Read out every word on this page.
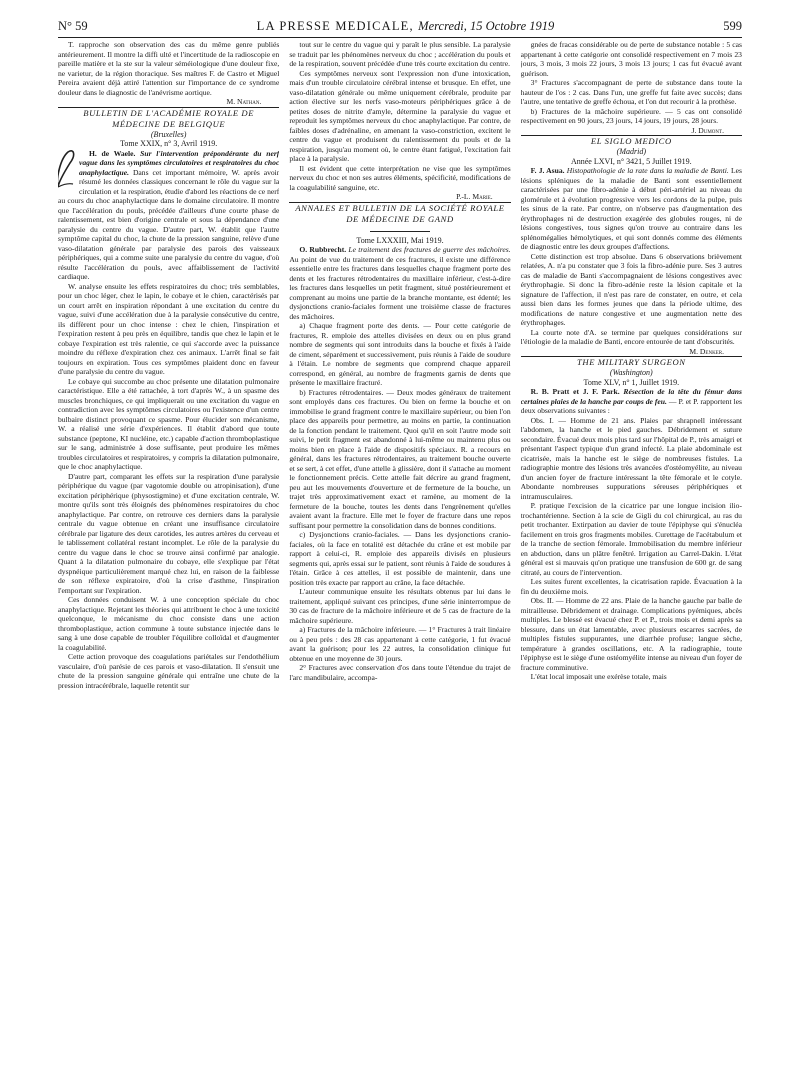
N° 59	LA PRESSE MEDICALE, Mercredi, 15 Octobre 1919	599
T. rapproche son observation des cas du même genre publiés antérieurement. Il montre la diffi ulté et l'incertitude de la radioscopie en pareille matière et la ste sur la valeur séméiologique d'une douleur fixe, ne varietur, de la région thoracique. Ses maîtres F. de Castro et Miguel Pereira avaient déjà attiré l'attention sur l'importance de ce syndrome douleur dans le diagnostic de l'anévrisme aortique.
M. Nathan.
BULLETIN DE L'ACADÉMIE ROYALE DE MÉDECINE DE BELGIQUE
(Bruxelles)
Tome XXIX, n° 3, Avril 1919.
H. de Waele. Sur l'intervention prépondérante du nerf vague dans les symptômes circulatoires et respiratoires du choc anaphylactique. Dans cet important mémoire, W. après avoir résumé les données classiques concernant le rôle du vague sur la circulation et la respiration, étudie d'abord les réactions de ce nerf au cours du choc anaphylactique dans le domaine circulatoire. Il montre que l'accélération du pouls, précédée d'ailleurs d'une courte phase de ralentissement, est bien d'origine centrale et sous la dépendance d'une paralysie du centre du vague. D'autre part, W. établit que l'autre symptôme capital du choc, la chute de la pression sanguine, relève d'une vaso-dilatation générale par paralysie des parois des vaisseaux périphériques, qui a comme suite une paralysie du centre du vague, d'où résulte l'accélération du pouls, avec affaiblissement de l'activité cardiaque.
W. analyse ensuite les effets respiratoires du choc; très semblables, pour un choc léger, chez le lapin, le cobaye et le chien, caractérisés par un court arrêt en inspiration répondant à une excitation du centre du vague, suivi d'une accélération due à la paralysie consécutive du centre, ils diffèrent pour un choc intense : chez le chien, l'inspiration et l'expiration restent à peu près en équilibre, tandis que chez le lapin et le cobaye l'expiration est très ralentie, ce qui s'accorde avec la puissance moindre du réflexe d'expiration chez ces animaux. L'arrêt final se fait toujours en expiration. Tous ces symptômes plaident donc en faveur d'une paralysie du centre du vague.
Le cobaye qui succombe au choc présente une dilatation pulmonaire caractéristique. Elle a été rattachée, à tort d'après W., à un spasme des muscles bronchiques, ce qui impliquerait ou une excitation du vague en contradiction avec les symptômes circulatoires ou l'existence d'un centre bulbaire distinct provoquant ce spasme. Pour élucider son mécanisme, W. a réalisé une série d'expériences. Il établit d'abord que toute substance (peptone, KI nucléine, etc.) capable d'action thromboplastique sur le sang, administrée à dose suffisante, peut produire les mêmes troubles circulatoires et respiratoires, y compris la dilatation pulmonaire, que le choc anaphylactique.
D'autre part, comparant les effets sur la respiration d'une paralysie périphérique du vague (par vagotomie double ou atropinisation), d'une excitation périphérique (physostigmine) et d'une excitation centrale, W. montre qu'ils sont très éloignés des phénomènes respiratoires du choc anaphylactique. Par contre, on retrouve ces derniers dans la paralysie centrale du vague obtenue en créant une insuffisance circulatoire cérébrale par ligature des deux carotides, les autres artères du cerveau et le tablissement collatéral restant incomplet. Le rôle de la paralysie du centre du vague dans le choc se trouve ainsi confirmé par analogie. Quant à la dilatation pulmonaire du cobaye, elle s'explique par l'état dyspnéique particulièrement marqué chez lui, en raison de la faiblesse de son réflexe expiratoire, d'où la crise d'asthme, l'inspiration l'emportant sur l'expiration.
Ces données conduisent W. à une conception spéciale du choc anaphylactique. Rejetant les théories qui attribuent le choc à une toxicité quelconque, le mécanisme du choc consiste dans une action thromboplastique, action commune à toute substance injectée dans le sang à une dose capable de troubler l'équilibre colloïdal et d'augmenter la coagulabilité.
Cette action provoque des coagulations pariétales sur l'endothélium vasculaire, d'où parésie de ces parois et vaso-dilatation. Il s'ensuit une chute de la pression sanguine générale qui entraîne une chute de la pression intracérébrale, laquelle retentit sur
tout sur le centre du vague qui y paraît le plus sensible. La paralysie se traduit par les phénomènes nerveux du choc ; accélération du pouls et de la respiration, souvent précédée d'une très courte excitation du centre.
Ces symptômes nerveux sont l'expression non d'une intoxication, mais d'un trouble circulatoire cérébral intense et brusque. En effet, une vaso-dilatation générale ou même uniquement cérébrale, produite par action élective sur les nerfs vaso-moteurs périphériques grâce à de petites doses de nitrite d'amyle, détermine la paralysie du vague et reproduit les symptômes nerveux du choc anaphylactique. Par contre, de faibles doses d'adrénaline, en amenant la vaso-constriction, excitent le centre du vague et produisent du ralentissement du pouls et de la respiration, jusqu'au moment où, le centre étant fatigué, l'excitation fait place à la paralysie.
Il est évident que cette interprétation ne vise que les symptômes nerveux du choc et non ses autres éléments, spécificité, modifications de la coagulabilité sanguine, etc.
P.-L. Marie.
ANNALES ET BULLETIN DE LA SOCIÉTÉ ROYALE DE MÉDECINE DE GAND
Tome LXXXIII, Mai 1919.
O. Rubbrecht. Le traitement des fractures de guerre des mâchoires. Au point de vue du traitement de ces fractures, il existe une différence essentielle entre les fractures dans lesquelles chaque fragment porte des dents et les fractures rétrodentaires du maxillaire inférieur, c'est-à-dire les fractures dans lesquelles un petit fragment, situé postérieurement et comprenant au moins une partie de la branche montante, est édenté; les dysjonctions cranio-faciales forment une troisième classe de fractures des mâchoires.
a) Chaque fragment porte des dents. — Pour cette catégorie de fractures, R. emploie des attelles divisées en deux ou en plus grand nombre de segments qui sont introduits dans la bouche et fixés à l'aide de ciment, séparément et successivement, puis réunis à l'aide de soudure à l'étain. Le nombre de segments que comprend chaque appareil correspond, en général, au nombre de fragments garnis de dents que présente le maxillaire fracturé.
b) Fractures rétrodentaires. — Deux modes généraux de traitement sont employés dans ces fractures. Ou bien on ferme la bouche et on immobilise le grand fragment contre le maxillaire supérieur, ou bien l'on place des appareils pour permettre, au moins en partie, la continuation de la fonction pendant le traitement. Quoi qu'il en soit l'autre mode soit suivi, le petit fragment est abandonné à lui-même ou maintenu plus ou moins bien en place à l'aide de dispositifs spéciaux. R. a recours en général, dans les fractures rétrodentaires, au traitement bouche ouverte et se sert, à cet effet, d'une attelle à glissière, dont il s'attache au moment le fonctionnement précis. Cette attelle fait décrire au grand fragment, peu aut les mouvements d'ouverture et de fermeture de la bouche, un trajet très approximativement exact et ramène, au moment de la fermeture de la bouche, toutes les dents dans l'engrènement qu'elles avaient avant la fracture. Elle met le foyer de fracture dans une repos suffisant pour permettre la consolidation dans de bonnes conditions.
c) Dysjonctions cranio-faciales. — Dans les dysjonctions cranio-faciales, où la face en totalité est détachée du crâne et est mobile par rapport à celui-ci, R. emploie des appareils divisés en plusieurs segments qui, après essai sur le patient, sont réunis à l'aide de soudures à l'étain. Grâce à ces attelles, il est possible de maintenir, dans une position très exacte par rapport au crâne, la face détachée.
L'auteur communique ensuite les résultats obtenus par lui dans le traitement, appliqué suivant ces principes, d'une série ininterrompue de 30 cas de fracture de la mâchoire inférieure et de 5 cas de fracture de la mâchoire supérieure.
a) Fractures de la mâchoire inférieure. — 1° Fractures à trait linéaire ou à peu près : des 28 cas appartenant à cette catégorie, 1 fut évacué avant la guérison; pour les 22 autres, la consolidation clinique fut obtenue en une moyenne de 30 jours.
2° Fractures avec conservation d'os dans toute l'étendue du trajet de l'arc mandibulaire, accompa-
gnées de fracas considérable ou de perte de substance notable : 5 cas appartenant à cette catégorie ont consolidé respectivement en 7 mois 23 jours, 3 mois, 3 mois 22 jours, 3 mois 13 jours; 1 cas fut évacué avant guérison.
3° Fractures s'accompagnant de perte de substance dans toute la hauteur de l'os : 2 cas. Dans l'un, une greffe fut faite avec succès; dans l'autre, une tentative de greffe échoua, et l'on dut recourir à la prothèse.
b) Fractures de la mâchoire supérieure. — 5 cas ont consolidé respectivement en 90 jours, 23 jours, 14 jours, 19 jours, 28 jours.
J. Dumont.
EL SIGLO MEDICO
(Madrid)
Année LXVI, n° 3421, 5 Juillet 1919.
F. J. Asua. Histopathologie de la rate dans la maladie de Banti. Les lésions spléniques de la maladie de Banti sont essentiellement caractérisées par une fibro-adénie à début péri-artériel au niveau du glomérule et à évolution progressive vers les cordons de la pulpe, puis les sinus de la rate. Par contre, on n'observe pas d'augmentation des érythrophages ni de destruction exagérée des globules rouges, ni de lésions congestives, tous signes qu'on trouve au contraire dans les splénomégalies hémolytiques, et qui sont donnés comme des éléments de diagnostic entre les deux groupes d'affections.
Cette distinction est trop absolue. Dans 6 observations brièvement relatées, A. n'a pu constater que 3 fois la fibro-adénie pure. Ses 3 autres cas de maladie de Banti s'accompagnaient de lésions congestives avec érythrophagie. Si donc la fibro-adénie reste la lésion capitale et la signature de l'affection, il n'est pas rare de constater, en outre, et cela aussi bien dans les formes jeunes que dans la période ultime, des modifications de nature congestive et une augmentation nette des érythrophages.
La courte note d'A. se termine par quelques considérations sur l'étiologie de la maladie de Banti, encore entourée de tant d'obscurités.
M. Denker.
THE MILITARY SURGEON
(Washington)
Tome XLV, n° 1, Juillet 1919.
R. B. Pratt et J. F. Park. Résection de la tête du fémur dans certaines plaies de la hanche par coups de feu. — P. et P. rapportent les deux observations suivantes :
Obs. I. — Homme de 21 ans. Plaies par shrapnell intéressant l'abdomen, la hanche et le pied gauches. Débridement et suture secondaire. Évacué deux mois plus tard sur l'hôpital de P., très amaigri et présentant l'aspect typique d'un grand infecté. La plaie abdominale est cicatrisée, mais la hanche est le siège de nombreuses fistules. La radiographie montre des lésions très avancées d'ostéomyélite, au niveau d'un ancien foyer de fracture intéressant la tête fémorale et le cotyle. Abondante nombreuses suppurations séreuses périphériques et intramusculaires.
P. pratique l'excision de la cicatrice par une longue incision ilio-trochantérienne. Section à la scie de Gigli du col chirurgical, au ras du petit trochanter. Extirpation au davier de toute l'épiphyse qui s'énucléa facilement en trois gros fragments mobiles. Curettage de l'acétabulum et de la tranche de section fémorale. Immobilisation du membre inférieur en abduction, dans un plâtre fenêtré. Irrigation au Carrel-Dakin. L'état général est si mauvais qu'on pratique une transfusion de 600 gr. de sang citraté, au cours de l'intervention.
Les suites furent excellentes, la cicatrisation rapide. Évacuation à la fin du deuxième mois.
Obs. II. — Homme de 22 ans. Plaie de la hanche gauche par balle de mitrailleuse. Débridement et drainage. Complications pyémiques, abcès multiples. Le blessé est évacué chez P. et P., trois mois et demi après sa blessure, dans un état lamentable, avec plusieurs escarres sacrées, de multiples fistules suppurantes, une diarrhée profuse; langue sèche, température à grandes oscillations, etc. A la radiographie, toute l'épiphyse est le siège d'une ostéomyélite intense au niveau d'un foyer de fracture comminutive.
L'état local imposait une exérèse totale, mais
